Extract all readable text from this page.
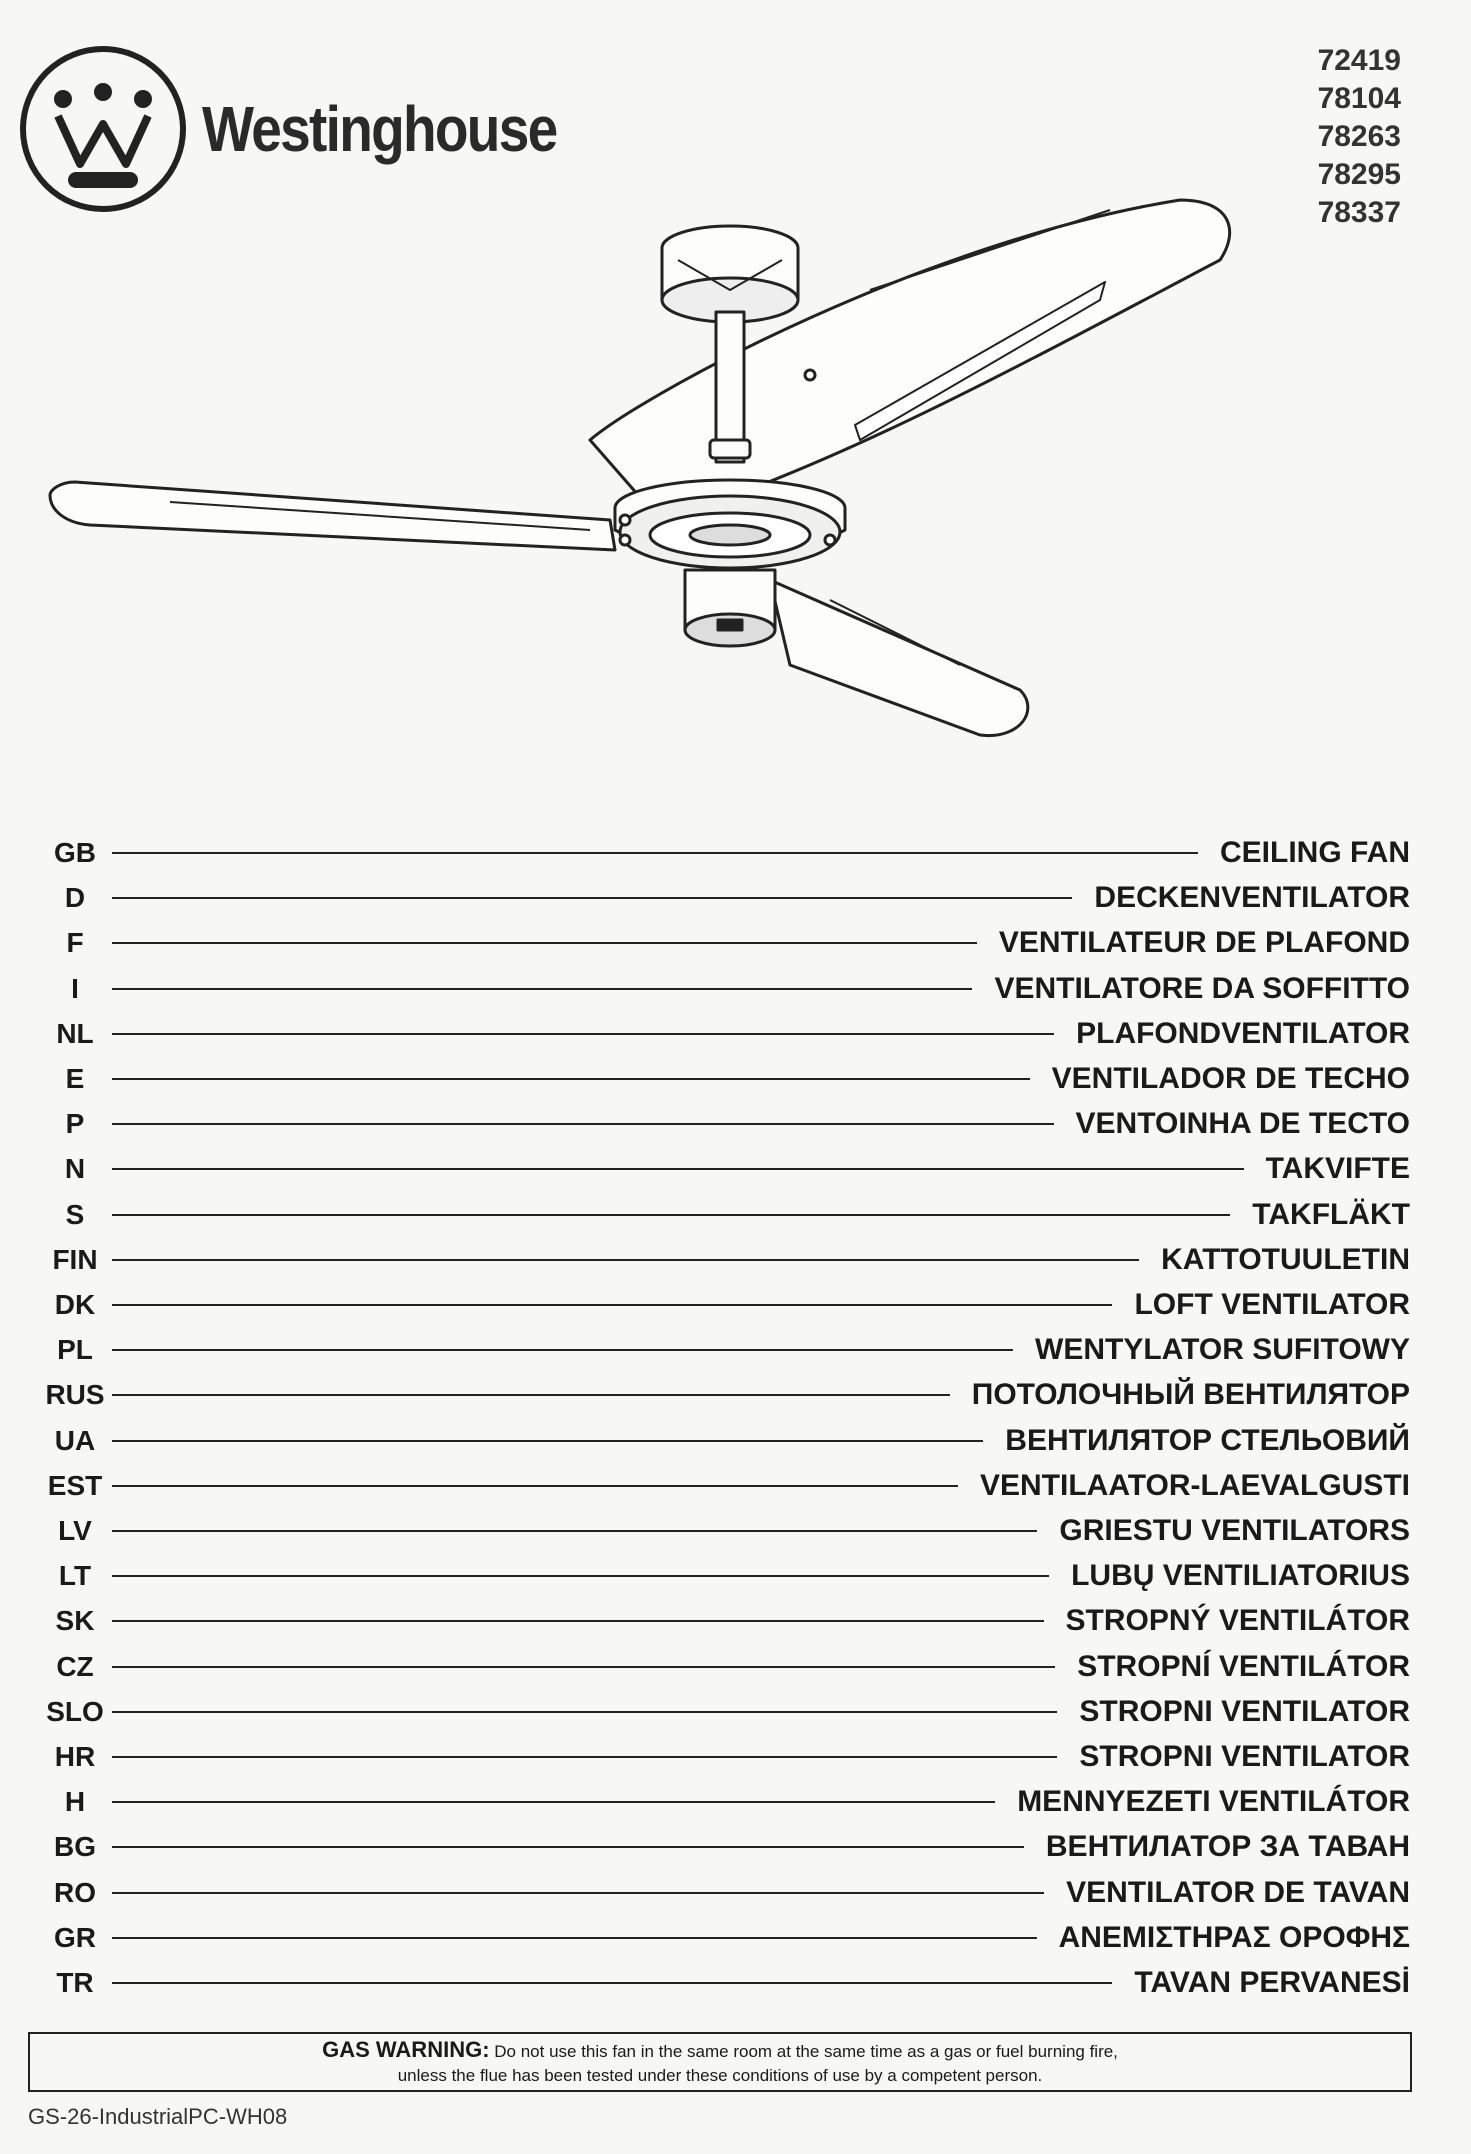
Westinghouse
72419
78104
78263
78295
78337
GB	CEILING FAN
D	DECKENVENTILATOR
F	VENTILATEUR DE PLAFOND
I	VENTILATORE DA SOFFITTO
NL	PLAFONDVENTILATOR
E	VENTILADOR DE TECHO
P	VENTOINHA DE TECTO
N	TAKVIFTE
S	TAKFLÄKT
FIN	KATTOTUULETIN
DK	LOFT VENTILATOR
PL	WENTYLATOR SUFITOWY
RUS	ПОТОЛОЧНЫЙ ВЕНТИЛЯТОР
UA	ВЕНТИЛЯТОР СТЕЛЬОВИЙ
EST	VENTILAATOR-LAEVALGUSTI
LV	GRIESTU VENTILATORS
LT	LUBŲ VENTILIATORIUS
SK	STROPNÝ VENTILÁTOR
CZ	STROPNÍ VENTILÁTOR
SLO	STROPNI VENTILATOR
HR	STROPNI VENTILATOR
H	MENNYEZETI VENTILÁTOR
BG	ВЕНТИЛАТОР ЗА ТАВАН
RO	VENTILATOR DE TAVAN
GR	ΑΝΕΜΙΣΤΗΡΑΣ ΟΡΟΦΗΣ
TR	TAVAN PERVANESİ
GAS WARNING: Do not use this fan in the same room at the same time as a gas or fuel burning fire,
unless the flue has been tested under these conditions of use by a competent person.
GS-26-IndustrialPC-WH08
